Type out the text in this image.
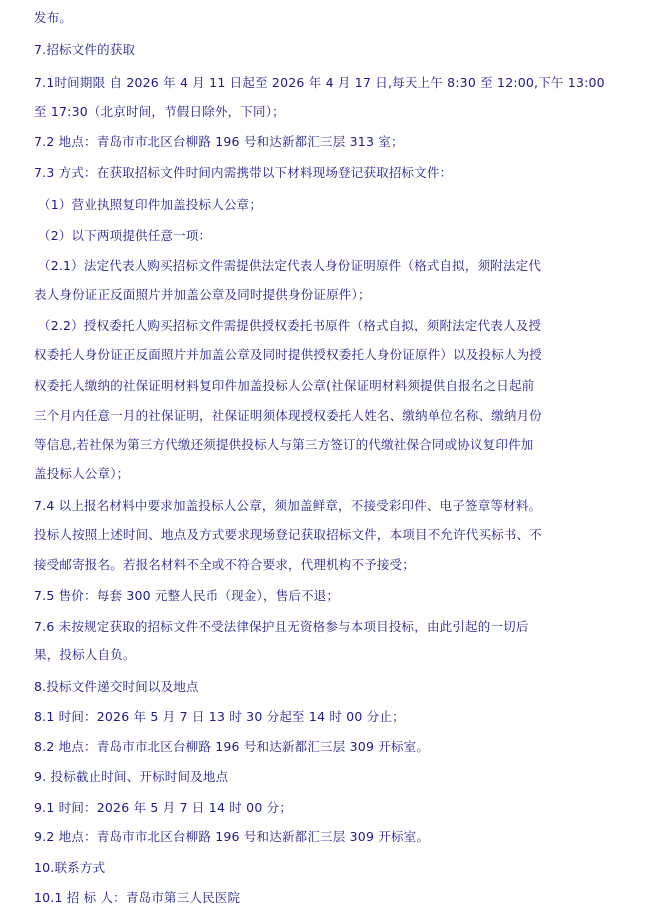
发布。
7.招标文件的获取
7.1时间期限 自 2026 年 4 月 11 日起至 2026 年 4 月 17 日,每天上午 8:30 至 12:00,下午 13:00
至 17:30（北京时间，节假日除外，下同）；
7.2 地点：青岛市市北区台柳路 196 号和达新都汇三层 313 室；
7.3 方式：在获取招标文件时间内需携带以下材料现场登记获取招标文件：
（1）营业执照复印件加盖投标人公章；
（2）以下两项提供任意一项：
（2.1）法定代表人购买招标文件需提供法定代表人身份证明原件（格式自拟，须附法定代
表人身份证正反面照片并加盖公章及同时提供身份证原件）；
（2.2）授权委托人购买招标文件需提供授权委托书原件（格式自拟，须附法定代表人及授
权委托人身份证正反面照片并加盖公章及同时提供授权委托人身份证原件）以及投标人为授
权委托人缴纳的社保证明材料复印件加盖投标人公章(社保证明材料须提供自报名之日起前
三个月内任意一月的社保证明，社保证明须体现授权委托人姓名、缴纳单位名称、缴纳月份
等信息,若社保为第三方代缴还须提供投标人与第三方签订的代缴社保合同或协议复印件加
盖投标人公章）；
7.4 以上报名材料中要求加盖投标人公章，须加盖鲜章，不接受彩印件、电子签章等材料。
投标人按照上述时间、地点及方式要求现场登记获取招标文件，本项目不允许代买标书、不
接受邮寄报名。若报名材料不全或不符合要求，代理机构不予接受；
7.5 售价：每套 300 元整人民币（现金），售后不退；
7.6 未按规定获取的招标文件不受法律保护且无资格参与本项目投标，由此引起的一切后
果，投标人自负。
8.投标文件递交时间以及地点
8.1 时间：2026 年 5 月 7 日 13 时 30 分起至 14 时 00 分止；
8.2 地点：青岛市市北区台柳路 196 号和达新都汇三层 309 开标室。
9. 投标截止时间、开标时间及地点
9.1 时间：2026 年 5 月 7 日 14 时 00 分；
9.2 地点：青岛市市北区台柳路 196 号和达新都汇三层 309 开标室。
10.联系方式
10.1 招 标 人：青岛市第三人民医院
